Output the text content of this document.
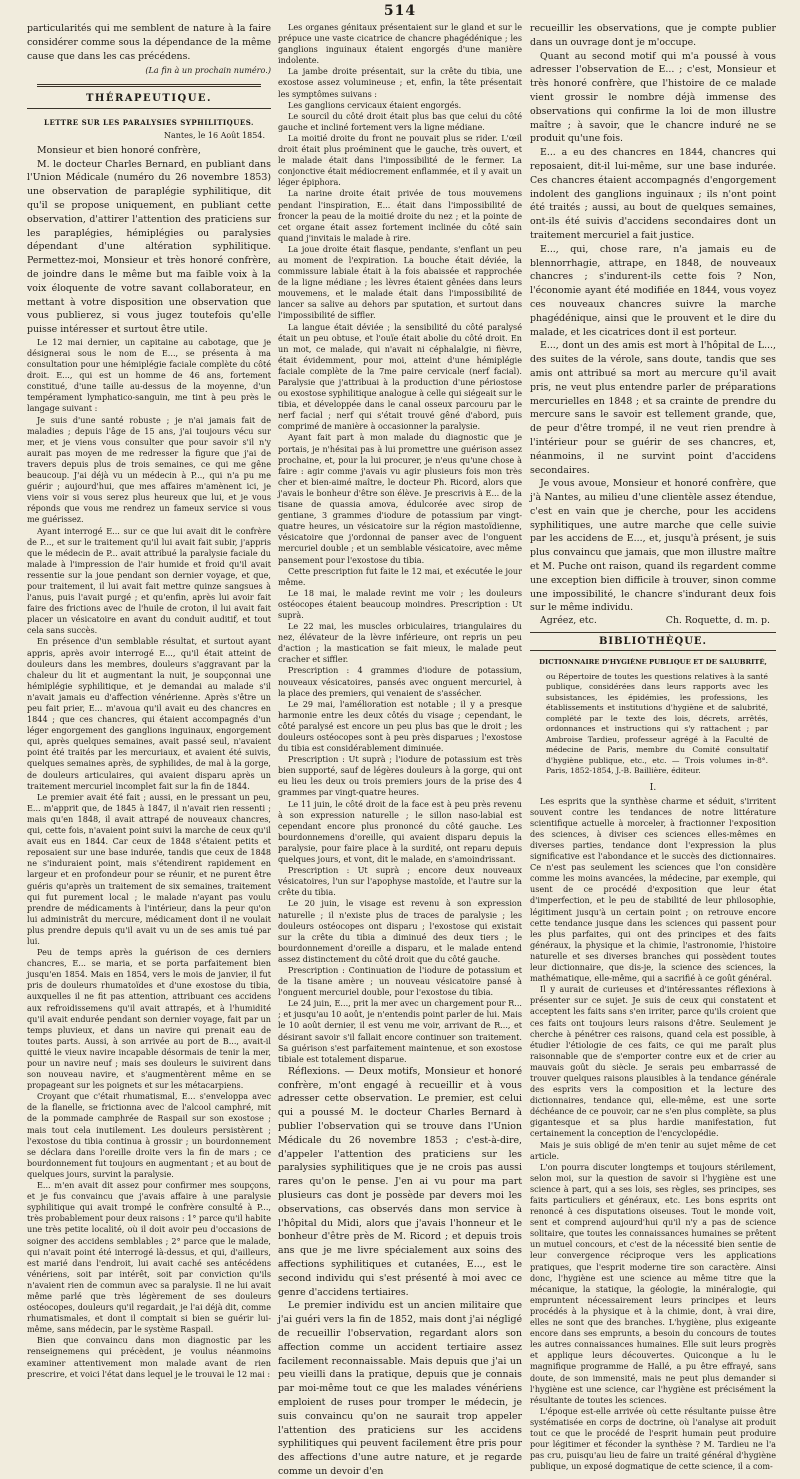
514

particularités qui me semblent de nature à la faire considérer comme sous la dépendance de la même cause que dans les cas précédens.

(La fin à un prochain numéro.)
THÉRAPEUTIQUE.
LETTRE SUR LES PARALYSIES SYPHILITIQUES.
Nantes, le 16 Août 1854.

Monsieur et bien honoré confrère,

M. le docteur Charles Bernard, en publiant dans l'Union Médicale (numéro du 26 novembre 1853) une observation de paraplégie syphilitique, dit qu'il se propose uniquement, en publiant cette observation, d'attirer l'attention des praticiens sur les paraplégies, hémiplégies ou paralysies dépendant d'une altération syphilitique. Permettez-moi, Monsieur et très honoré confrère, de joindre dans le même but ma faible voix à la voix éloquente de votre savant collaborateur, en mettant à votre disposition une observation que vous publierez, si vous jugez toutefois qu'elle puisse intéresser et surtout être utile.

Le 12 mai dernier, un capitaine au cabotage, que je désignerai sous le nom de E..., se présenta à ma consultation pour une hémiplégie faciale complète du côté droit. E..., qui est un homme de 46 ans, fortement constitué, d'une taille au-dessus de la moyenne, d'un tempérament lymphatico-sanguin, me tint à peu près le langage suivant :

Je suis d'une santé robuste ; je n'ai jamais fait de maladies ; depuis l'âge de 15 ans, j'ai toujours vécu sur mer, et je viens vous consulter que pour savoir s'il n'y aurait pas moyen de me redresser la figure que j'ai de travers depuis plus de trois semaines, ce qui me gêne beaucoup. J'ai déjà vu un médecin à P..., qui n'a pu me guérir ; aujourd'hui, que mes affaires m'amènent ici, je viens voir si vous serez plus heureux que lui, et je vous réponds que vous me rendrez un fameux service si vous me guérissez.

Ayant interrogé E... sur ce que lui avait dit le confrère de P..., et sur le traitement qu'il lui avait fait subir, j'appris que le médecin de P... avait attribué la paralysie faciale du malade à l'impression de l'air humide et froid qu'il avait ressentie sur la joue pendant son dernier voyage, et que, pour traitement, il lui avait fait mettre quinze sangsues à l'anus, puis l'avait purgé ; et qu'enfin, après lui avoir fait faire des frictions avec de l'huile de croton, il lui avait fait placer un vésicatoire en avant du conduit auditif, et tout cela sans succès.

En présence d'un semblable résultat, et surtout ayant appris, après avoir interrogé E..., qu'il était atteint de douleurs dans les membres, douleurs s'aggravant par la chaleur du lit et augmentant la nuit, je soupçonnai une hémiplégie syphilitique, et je demandai au malade s'il n'avait jamais eu d'affection vénérienne. Après s'être un peu fait prier, E... m'avoua qu'il avait eu des chancres en 1844 ; que ces chancres, qui étaient accompagnés d'un léger engorgement des ganglions inguinaux, engorgement qui, après quelques semaines, avait passé seul, n'avaient point été traités par les mercuriaux, et avaient été suivis, quelques semaines après, de syphilides, de mal à la gorge, de douleurs articulaires, qui avaient disparu après un traitement mercuriel incomplet fait sur la fin de 1844.

Le premier avait été fait ; aussi, en le pressant un peu, E... m'apprit que, de 1845 à 1847, il n'avait rien ressenti ; mais qu'en 1848, il avait attrapé de nouveaux chancres, qui, cette fois, n'avaient point suivi la marche de ceux qu'il avait eus en 1844. Car ceux de 1848 s'étaient petits et reposaient sur une base indurée, tandis que ceux de 1848 ne s'induraient point, mais s'étendirent rapidement en largeur et en profondeur pour se réunir, et ne purent être guéris qu'après un traitement de six semaines, traitement qui fut purement local ; le malade n'ayant pas voulu prendre de médicaments à l'intérieur, dans la peur qu'on lui administrât du mercure, médicament dont il ne voulait plus prendre depuis qu'il avait vu un de ses amis tué par lui.

Peu de temps après la guérison de ces derniers chancres, E... se maria, et se porta parfaitement bien jusqu'en 1854. Mais en 1854, vers le mois de janvier, il fut pris de douleurs rhumatoïdes et d'une exostose du tibia, auxquelles il ne fit pas attention, attribuant ces accidens aux refroidissemens qu'il avait attrapés, et à l'humidité qu'il avait endurée pendant son dernier voyage, fait par un temps pluvieux, et dans un navire qui prenait eau de toutes parts. Aussi, à son arrivée au port de B..., avait-il quitté le vieux navire incapable désormais de tenir la mer, pour un navire neuf ; mais ses douleurs le suivirent dans son nouveau navire, et s'augmentèrent même en se propageant sur les poignets et sur les métacarpiens.

Croyant que c'était rhumatismal, E... s'enveloppa avec de la flanelle, se frictionna avec de l'alcool camphré, mit de la pommade camphrée de Raspail sur son exostose ; mais tout cela inutilement. Les douleurs persistèrent ; l'exostose du tibia continua à grossir ; un bourdonnement se déclara dans l'oreille droite vers la fin de mars ; ce bourdonnement fut toujours en augmentant ; et au bout de quelques jours, survint la paralysie.

E... m'en avait dit assez pour confirmer mes soupçons, et je fus convaincu que j'avais affaire à une paralysie syphilitique qui avait trompé le confrère consulté à P..., très probablement pour deux raisons : 1° parce qu'il habite une très petite localité, où il doit avoir peu d'occasions de soigner des accidens semblables ; 2° parce que le malade, qui n'avait point été interrogé là-dessus, et qui, d'ailleurs, est marié dans l'endroit, lui avait caché ses antécédens vénériens, soit par intérêt, soit par conviction qu'ils n'avaient rien de commun avec sa paralysie. Il ne lui avait même parlé que très légèrement de ses douleurs ostéocopes, douleurs qu'il regardait, je l'ai déjà dit, comme rhumatismales, et dont il comptait si bien se guérir lui-même, sans médecin, par le système Raspail.

Bien que convaincu dans mon diagnostic par les renseignemens qui précèdent, je voulus néanmoins examiner attentivement mon malade avant de rien prescrire, et voici l'état dans lequel je le trouvai le 12 mai :

Les organes génitaux présentaient sur le gland et sur le prépuce une vaste cicatrice de chancre phagédénique ; les ganglions inguinaux étaient engorgés d'une manière indolente.

La jambe droite présentait, sur la crête du tibia, une exostose assez volumineuse ; et, enfin, la tête présentait les symptômes suivans :

Les ganglions cervicaux étaient engorgés.

Le sourcil du côté droit était plus bas que celui du côté gauche et incliné fortement vers la ligne médiane.

La moitié droite du front ne pouvait plus se rider. L'œil droit était plus proéminent que le gauche, très ouvert, et le malade était dans l'impossibilité de le fermer. La conjonctive était médiocrement enflammée, et il y avait un léger épiphora.

La narine droite était privée de tous mouvemens pendant l'inspiration, E... était dans l'impossibilité de froncer la peau de la moitié droite du nez ; et la pointe de cet organe était assez fortement inclinée du côté sain quand j'invitais le malade à rire.

La joue droite était flasque, pendante, s'enflant un peu au moment de l'expiration. La bouche était déviée, la commissure labiale était à la fois abaissée et rapprochée de la ligne médiane ; les lèvres étaient gênées dans leurs mouvemens, et le malade était dans l'impossibilité de lancer sa salive au dehors par sputation, et surtout dans l'impossibilité de siffler.

La langue était déviée ; la sensibilité du côté paralysé était un peu obtuse, et l'ouïe était abolie du côté droit. En un mot, ce malade, qui n'avait ni céphalalgie, ni fièvre, était évidemment, pour moi, atteint d'une hémiplégie faciale complète de la 7me paire cervicale (nerf facial). Paralysie que j'attribuai à la production d'une périostose ou exostose syphilitique analogue à celle qui siégeait sur le tibia, et développée dans le canal osseux parcouru par le nerf facial ; nerf qui s'était trouvé gêné d'abord, puis comprimé de manière à occasionner la paralysie.

Ayant fait part à mon malade du diagnostic que je portais, je n'hésitai pas à lui promettre une guérison assez prochaine, et, pour la lui procurer, je n'eus qu'une chose à faire : agir comme j'avais vu agir plusieurs fois mon très cher et bien-aimé maître, le docteur Ph. Ricord, alors que j'avais le bonheur d'être son élève. Je prescrivis à E... de la tisane de quassia amova, édulcorée avec sirop de gentiane, 3 grammes d'iodure de potassium par vingt-quatre heures, un vésicatoire sur la région mastoïdienne, vésicatoire que j'ordonnai de panser avec de l'onguent mercuriel double ; et un semblable vésicatoire, avec même pansement pour l'exostose du tibia.

Cette prescription fut faite le 12 mai, et exécutée le jour même.

Le 18 mai, le malade revint me voir ; les douleurs ostéocopes étaient beaucoup moindres. Prescription : Ut suprà.

Le 22 mai, les muscles orbiculaires, triangulaires du nez, élévateur de la lèvre inférieure, ont repris un peu d'action ; la mastication se fait mieux, le malade peut cracher et siffler.

Prescription : 4 grammes d'iodure de potassium, nouveaux vésicatoires, pansés avec onguent mercuriel, à la place des premiers, qui venaient de s'assécher.

Le 29 mai, l'amélioration est notable ; il y a presque harmonie entre les deux côtés du visage ; cependant, le côté paralysé est encore un peu plus bas que le droit ; les douleurs ostéocopes sont à peu près disparues ; l'exostose du tibia est considérablement diminuée.

Prescription : Ut suprà ; l'iodure de potassium est très bien supporté, sauf de légères douleurs à la gorge, qui ont eu lieu les deux ou trois premiers jours de la prise des 4 grammes par vingt-quatre heures.

Le 11 juin, le côté droit de la face est à peu près revenu à son expression naturelle ; le sillon naso-labial est cependant encore plus prononcé du côté gauche. Les bourdonnemens d'oreille, qui avaient disparu depuis la paralysie, pour faire place à la surdité, ont reparu depuis quelques jours, et vont, dit le malade, en s'amoindrissant.

Prescription : Ut suprà ; encore deux nouveaux vésicatoires, l'un sur l'apophyse mastoïde, et l'autre sur la crête du tibia.

Le 20 juin, le visage est revenu à son expression naturelle ; il n'existe plus de traces de paralysie ; les douleurs ostéocopes ont disparu ; l'exostose qui existait sur la crête du tibia a diminué des deux tiers ; le bourdonnement d'oreille a disparu, et le malade entend assez distinctement du côté droit que du côté gauche.

Prescription : Continuation de l'iodure de potassium et de la tisane amère ; un nouveau vésicatoire pansé à l'onguent mercuriel double, pour l'exostose du tibia.

Le 24 juin, E..., prit la mer avec un chargement pour R... ; et jusqu'au 10 août, je n'entendis point parler de lui. Mais le 10 août dernier, il est venu me voir, arrivant de R..., et désirant savoir s'il fallait encore continuer son traitement. Sa guérison s'est parfaitement maintenue, et son exostose tibiale est totalement disparue.

Réflexions. — Deux motifs, Monsieur et honoré confrère, m'ont engagé à recueillir et à vous adresser cette observation. Le premier, est celui qui a poussé M. le docteur Charles Bernard à publier l'observation qui se trouve dans l'Union Médicale du 26 novembre 1853 ; c'est-à-dire, d'appeler l'attention des praticiens sur les paralysies syphilitiques que je ne crois pas aussi rares qu'on le pense. J'en ai vu pour ma part plusieurs cas dont je possède par devers moi les observations, cas observés dans mon service à l'hôpital du Midi, alors que j'avais l'honneur et le bonheur d'être près de M. Ricord ; et depuis trois ans que je me livre spécialement aux soins des affections syphilitiques et cutanées, E..., est le second individu qui s'est présenté à moi avec ce genre d'accidens tertiaires.

Le premier individu est un ancien militaire que j'ai guéri vers la fin de 1852, mais dont j'ai négligé de recueillir l'observation, regardant alors son affection comme un accident tertiaire assez facilement reconnaissable. Mais depuis que j'ai un peu vieilli dans la pratique, depuis que je connais par moi-même tout ce que les malades vénériens emploient de ruses pour tromper le médecin, je suis convaincu qu'on ne saurait trop appeler l'attention des praticiens sur les accidens syphilitiques qui peuvent facilement être pris pour des affections d'une autre nature, et je regarde comme un devoir d'en

recueillir les observations, que je compte publier dans un ouvrage dont je m'occupe.

Quant au second motif qui m'a poussé à vous adresser l'observation de E... ; c'est, Monsieur et très honoré confrère, que l'histoire de ce malade vient grossir le nombre déjà immense des observations qui confirme la loi de mon illustre maître ; à savoir, que le chancre induré ne se produit qu'une fois.

E... a eu des chancres en 1844, chancres qui reposaient, dit-il lui-même, sur une base indurée. Ces chancres étaient accompagnés d'engorgement indolent des ganglions inguinaux ; ils n'ont point été traités ; aussi, au bout de quelques semaines, ont-ils été suivis d'accidens secondaires dont un traitement mercuriel a fait justice.

E..., qui, chose rare, n'a jamais eu de blennorrhagie, attrape, en 1848, de nouveaux chancres ; s'indurent-ils cette fois ? Non, l'économie ayant été modifiée en 1844, vous voyez ces nouveaux chancres suivre la marche phagédénique, ainsi que le prouvent et le dire du malade, et les cicatrices dont il est porteur.

E..., dont un des amis est mort à l'hôpital de L..., des suites de la vérole, sans doute, tandis que ses amis ont attribué sa mort au mercure qu'il avait pris, ne veut plus entendre parler de préparations mercurielles en 1848 ; et sa crainte de prendre du mercure sans le savoir est tellement grande, que, de peur d'être trompé, il ne veut rien prendre à l'intérieur pour se guérir de ses chancres, et, néanmoins, il ne survint point d'accidens secondaires.

Je vous avoue, Monsieur et honoré confrère, que j'à Nantes, au milieu d'une clientèle assez étendue, c'est en vain que je cherche, pour les accidens syphilitiques, une autre marche que celle suivie par les accidens de E..., et, jusqu'à présent, je suis plus convaincu que jamais, que mon illustre maître et M. Puche ont raison, quand ils regardent comme une exception bien difficile à trouver, sinon comme une impossibilité, le chancre s'indurant deux fois sur le même individu.

Agréez, etc.	Ch. Roquette, d. m. p.
BIBLIOTHÈQUE.
DICTIONNAIRE D'HYGIÈNE PUBLIQUE ET DE SALUBRITÉ,
ou Répertoire de toutes les questions relatives à la santé publique, considérées dans leurs rapports avec les subsistances, les épidémies, les professions, les établissements et institutions d'hygiène et de salubrité, complété par le texte des lois, décrets, arrêtés, ordonnances et instructions qui s'y rattachent ; par Ambroise Tardieu, professeur agrégé à la Faculté de médecine de Paris, membre du Comité consultatif d'hygiène publique, etc., etc. — Trois volumes in-8°. Paris, 1852-1854, J.-B. Baillière, éditeur.
I.

Les esprits que la synthèse charme et séduit, s'irritent souvent contre les tendances de notre littérature scientifique actuelle à morceler, à fractionner l'exposition des sciences, à diviser ces sciences elles-mêmes en diverses parties, tendance dont l'expression la plus significative est l'abondance et le succès des dictionnaires. Ce n'est pas seulement les sciences que l'on considère comme les moins avancées, la médecine, par exemple, qui usent de ce procédé d'exposition que leur état d'imperfection, et le peu de stabilité de leur philosophie, légitiment jusqu'à un certain point ; on retrouve encore cette tendance jusque dans les sciences qui passent pour les plus parfaites, qui ont des principes et des faits généraux, la physique et la chimie, l'astronomie, l'histoire naturelle et ses diverses branches qui possèdent toutes leur dictionnaire, que dis-je, la science des sciences, la mathématique, elle-même, qui a sacrifié à ce goût général.

Il y aurait de curieuses et d'intéressantes réflexions à présenter sur ce sujet. Je suis de ceux qui constatent et acceptent les faits sans s'en irriter, parce qu'ils croient que ces faits ont toujours leurs raisons d'être. Seulement je cherche à pénétrer ces raisons, quand cela est possible, à étudier l'étiologie de ces faits, ce qui me paraît plus raisonnable que de s'emporter contre eux et de crier au mauvais goût du siècle. Je serais peu embarrassé de trouver quelques raisons plausibles à la tendance générale des esprits vers la composition et la lecture des dictionnaires, tendance qui, elle-même, est une sorte déchéance de ce pouvoir, car ne s'en plus complète, sa plus gigantesque et sa plus hardie manifestation, fut certainement la conception de l'encyclopédie.

Mais je suis obligé de m'en tenir au sujet même de cet article.

L'on pourra discuter longtemps et toujours stérilement, selon moi, sur la question de savoir si l'hygiène est une science à part, qui a ses lois, ses règles, ses principes, ses faits particuliers et généraux, etc. Les bons esprits ont renoncé à ces disputations oiseuses. Tout le monde voit, sent et comprend aujourd'hui qu'il n'y a pas de science solitaire, que toutes les connaissances humaines se prêtent un mutuel concours, et c'est de la nécessité bien sentie de leur convergence réciproque vers les applications pratiques, que l'esprit moderne tire son caractère. Ainsi donc, l'hygiène est une science au même titre que la mécanique, la statique, la géologie, la minéralogie, qui empruntent nécessairement leurs principes et leurs procédés à la physique et à la chimie, dont, à vrai dire, elles ne sont que des branches. L'hygiène, plus exigeante encore dans ses emprunts, a besoin du concours de toutes les autres connaissances humaines. Elle suit leurs progrès et applique leurs découvertes. Quiconque a lu le magnifique programme de Hallé, a pu être effrayé, sans doute, de son immensité, mais ne peut plus demander si l'hygiène est une science, car l'hygiène est précisément la résultante de toutes les sciences.

L'époque est-elle arrivée où cette résultante puisse être systématisée en corps de doctrine, où l'analyse ait produit tout ce que le procédé de l'esprit humain peut produire pour légitimer et féconder la synthèse ? M. Tardieu ne l'a pas cru, puisqu'au lieu de faire un traité général d'hygiène publique, un exposé dogmatique de cette science, il a com-
